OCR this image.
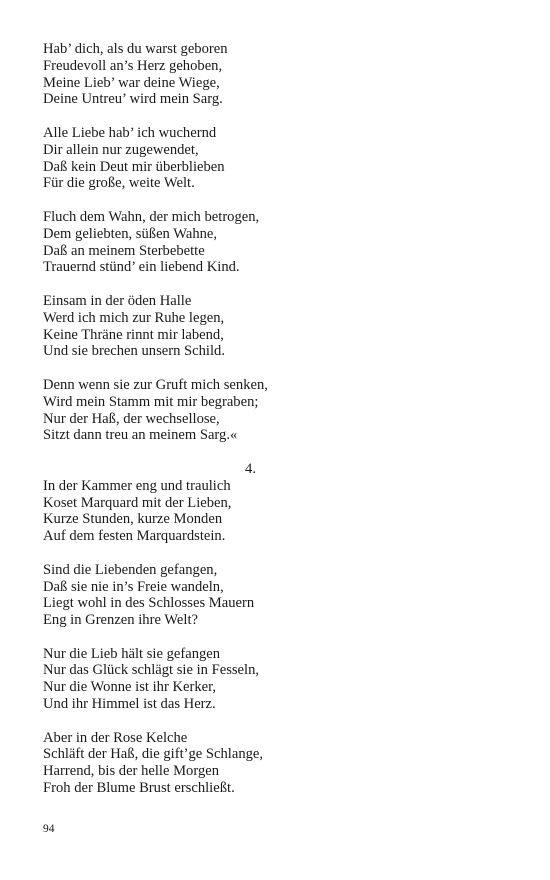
Hab’ dich, als du warst geboren
Freudevoll an’s Herz gehoben,
Meine Lieb’ war deine Wiege,
Deine Untreu’ wird mein Sarg.
Alle Liebe hab’ ich wuchernd
Dir allein nur zugewendet,
Daß kein Deut mir überblieben
Für die große, weite Welt.
Fluch dem Wahn, der mich betrogen,
Dem geliebten, süßen Wahne,
Daß an meinem Sterbebette
Trauernd stünd’ ein liebend Kind.
Einsam in der öden Halle
Werd ich mich zur Ruhe legen,
Keine Thräne rinnt mir labend,
Und sie brechen unsern Schild.
Denn wenn sie zur Gruft mich senken,
Wird mein Stamm mit mir begraben;
Nur der Haß, der wechsellose,
Sitzt dann treu an meinem Sarg.«
4.
In der Kammer eng und traulich
Koset Marquard mit der Lieben,
Kurze Stunden, kurze Monden
Auf dem festen Marquardstein.
Sind die Liebenden gefangen,
Daß sie nie in’s Freie wandeln,
Liegt wohl in des Schlosses Mauern
Eng in Grenzen ihre Welt?
Nur die Lieb hält sie gefangen
Nur das Glück schlägt sie in Fesseln,
Nur die Wonne ist ihr Kerker,
Und ihr Himmel ist das Herz.
Aber in der Rose Kelche
Schläft der Haß, die gift’ge Schlange,
Harrend, bis der helle Morgen
Froh der Blume Brust erschließt.
94
